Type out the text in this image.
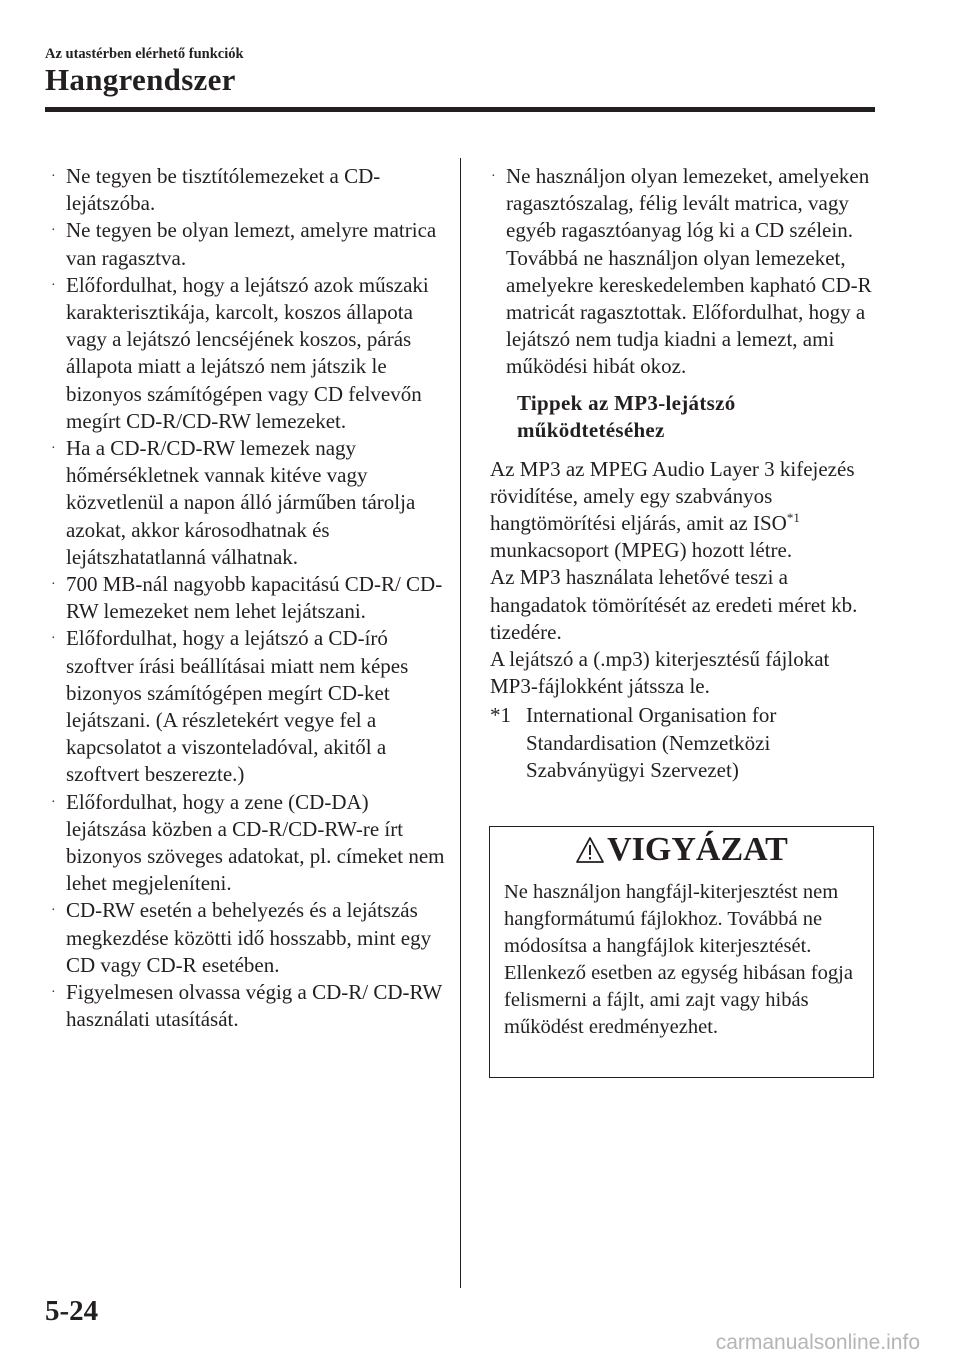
Az utastérben elérhető funkciók
Hangrendszer
· Ne tegyen be tisztítólemezeket a CD-lejátszóba.
· Ne tegyen be olyan lemezt, amelyre matrica van ragasztva.
· Előfordulhat, hogy a lejátszó azok műszaki karakterisztikája, karcolt, koszos állapota vagy a lejátszó lencséjének koszos, párás állapota miatt a lejátszó nem játszik le bizonyos számítógépen vagy CD felvevőn megírt CD-R/CD-RW lemezeket.
· Ha a CD-R/CD-RW lemezek nagy hőmérsékletnek vannak kitéve vagy közvetlenül a napon álló járműben tárolja azokat, akkor károsodhatnak és lejátszhatatlanná válhatnak.
· 700 MB-nál nagyobb kapacitású CD-R/ CD-RW lemezeket nem lehet lejátszani.
· Előfordulhat, hogy a lejátszó a CD-író szoftver írási beállításai miatt nem képes bizonyos számítógépen megírt CD-ket lejátszani. (A részletekért vegye fel a kapcsolatot a viszonteladóval, akitől a szoftvert beszerezte.)
· Előfordulhat, hogy a zene (CD-DA) lejátszása közben a CD-R/CD-RW-re írt bizonyos szöveges adatokat, pl. címeket nem lehet megjeleníteni.
· CD-RW esetén a behelyezés és a lejátszás megkezdése közötti idő hosszabb, mint egy CD vagy CD-R esetében.
· Figyelmesen olvassa végig a CD-R/ CD-RW használati utasítását.
· Ne használjon olyan lemezeket, amelyeken ragasztószalag, félig levált matrica, vagy egyéb ragasztóanyag lóg ki a CD szélein. Továbbá ne használjon olyan lemezeket, amelyekre kereskedelemben kapható CD-R matricát ragasztottak. Előfordulhat, hogy a lejátszó nem tudja kiadni a lemezt, ami működési hibát okoz.
Tippek az MP3-lejátszó
működtetéséhez

Az MP3 az MPEG Audio Layer 3 kifejezés rövidítése, amely egy szabványos hangtömörítési eljárás, amit az ISO$^{*1}$ munkacsoport (MPEG) hozott létre.

Az MP3 használata lehetővé teszi a hangadatok tömörítését az eredeti méret kb. tizedére.

A lejátszó a (.mp3) kiterjesztésű fájlokat MP3-fájlokként játssza le.

*1 International Organisation for Standardisation (Nemzetközi Szabványügyi Szervezet)
VIGYÁZAT
Ne használjon hangfájl-kiterjesztést nem hangformátumú fájlokhoz. Továbbá ne módosítsa a hangfájlok kiterjesztését. Ellenkező esetben az egység hibásan fogja felismerni a fájlt, ami zajt vagy hibás működést eredményezhet.
5-24
carmanualsonline.info
